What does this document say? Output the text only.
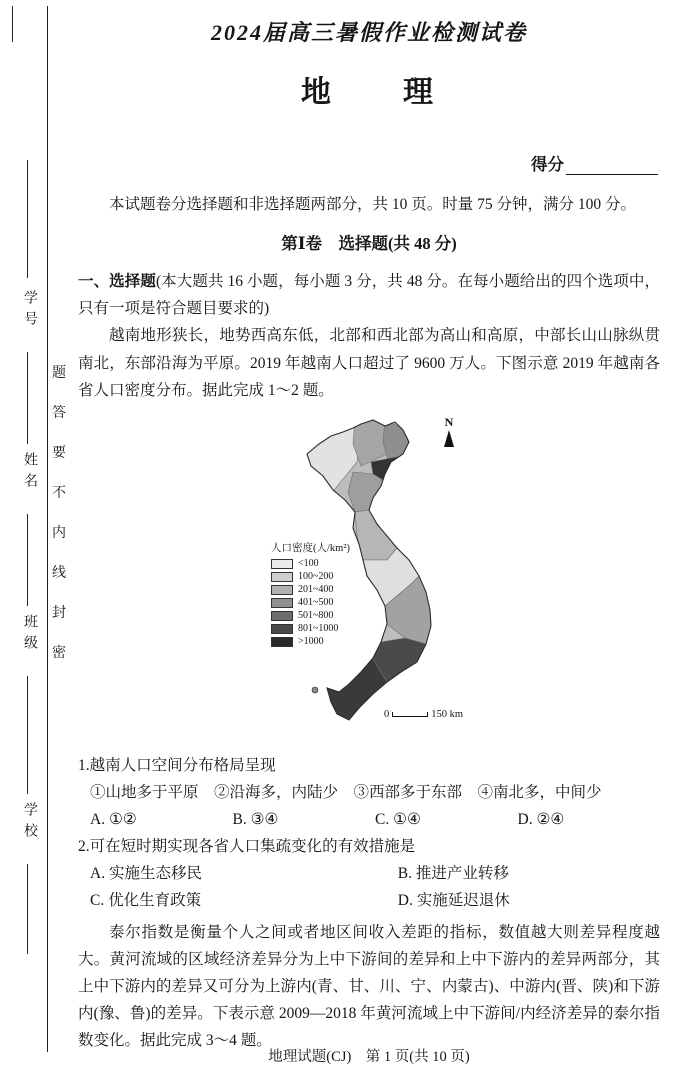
学号
姓名
班级
学校
题
答
要
不
内
线
封
密
2024届高三暑假作业检测试卷
地　　理
得分

本试题卷分选择题和非选择题两部分，共 10 页。时量 75 分钟，满分 100 分。

第Ⅰ卷　选择题(共 48 分)

一、选择题(本大题共 16 小题，每小题 3 分，共 48 分。在每小题给出的四个选项中，只有一项是符合题目要求的)

越南地形狭长，地势西高东低，北部和西北部为高山和高原，中部长山山脉纵贯南北，东部沿海为平原。2019 年越南人口超过了 9600 万人。下图示意 2019 年越南各省人口密度分布。据此完成 1～2 题。

N
人口密度(人/km²)
<100
100~200
201~400
401~500
501~800
801~1000
>1000
0	150 km
1.越南人口空间分布格局呈现
①山地多于平原　②沿海多，内陆少　③西部多于东部　④南北多，中间少
A. ①②	B. ③④	C. ①④	D. ②④
2.可在短时期实现各省人口集疏变化的有效措施是
A. 实施生态移民	B. 推进产业转移
C. 优化生育政策	D. 实施延迟退休

泰尔指数是衡量个人之间或者地区间收入差距的指标，数值越大则差异程度越大。黄河流域的区域经济差异分为上中下游间的差异和上中下游内的差异两部分，其上中下游内的差异又可分为上游内(青、甘、川、宁、内蒙古)、中游内(晋、陕)和下游内(豫、鲁)的差异。下表示意 2009—2018 年黄河流域上中下游间/内经济差异的泰尔指数变化。据此完成 3～4 题。

地理试题(CJ)　第 1 页(共 10 页)
